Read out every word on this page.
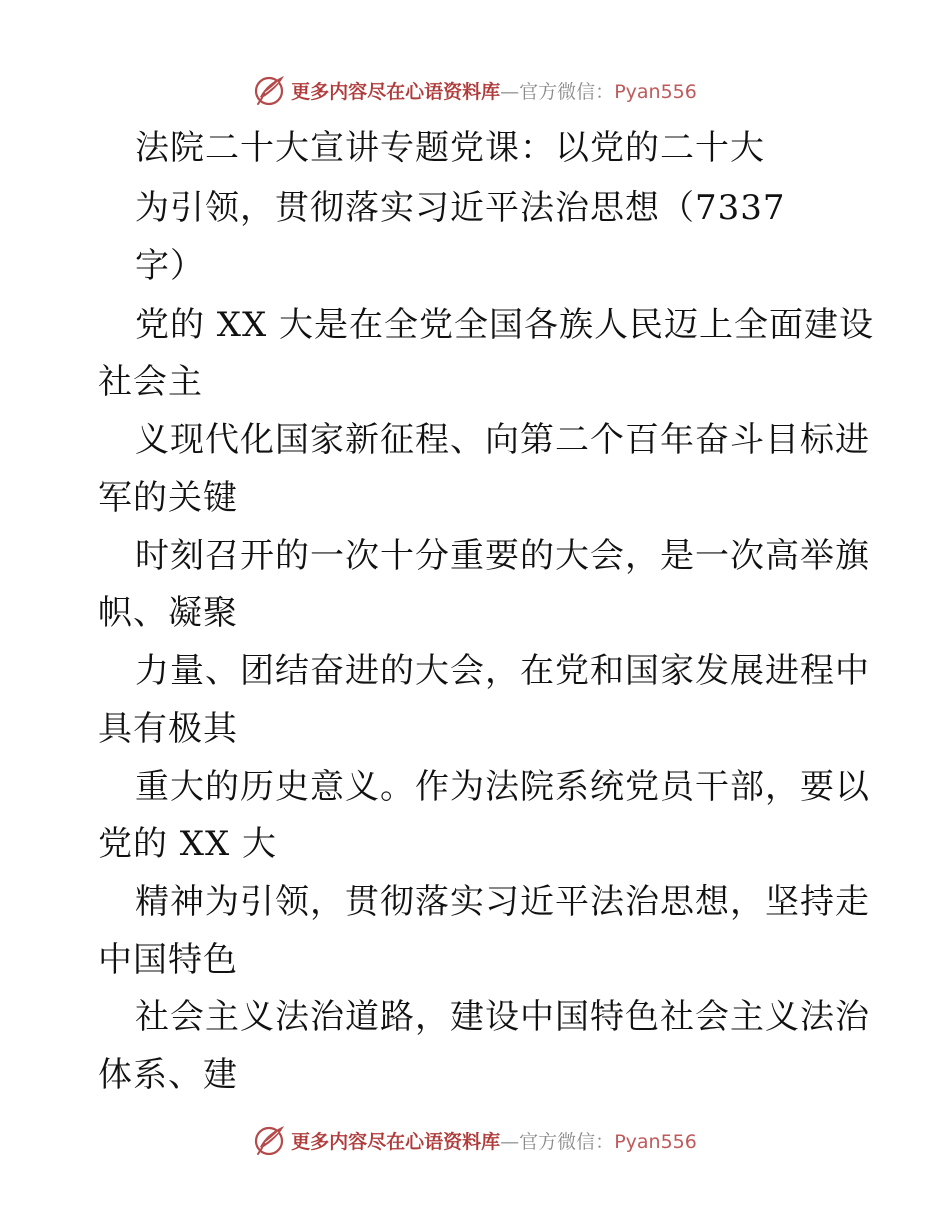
更多内容尽在心语资料库—官方微信：Pyan556
法院二十大宣讲专题党课：以党的二十大
为引领，贯彻落实习近平法治思想（7337
字）
党的 XX 大是在全党全国各族人民迈上全面建设
社会主
义现代化国家新征程、向第二个百年奋斗目标进
军的关键
时刻召开的一次十分重要的大会，是一次高举旗
帜、凝聚
力量、团结奋进的大会，在党和国家发展进程中
具有极其
重大的历史意义。作为法院系统党员干部，要以
党的 XX 大
精神为引领，贯彻落实习近平法治思想，坚持走
中国特色
社会主义法治道路，建设中国特色社会主义法治
体系、建
更多内容尽在心语资料库—官方微信：Pyan556
